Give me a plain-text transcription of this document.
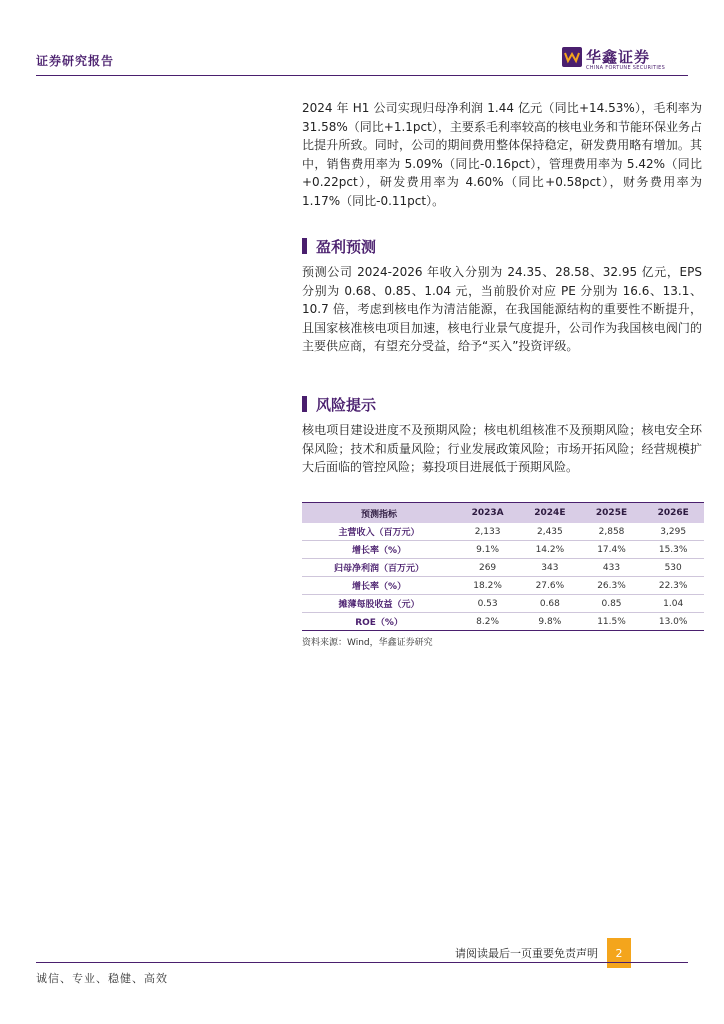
证券研究报告	华鑫证券
CHINA FORTUNE SECURITIES

2024 年 H1 公司实现归母净利润 1.44 亿元（同比+14.53%），毛利率为 31.58%（同比+1.1pct），主要系毛利率较高的核电业务和节能环保业务占比提升所致。同时，公司的期间费用整体保持稳定，研发费用略有增加。其中，销售费用率为 5.09%（同比-0.16pct），管理费用率为 5.42%（同比+0.22pct），研发费用率为 4.60%（同比+0.58pct），财务费用率为 1.17%（同比-0.11pct）。

盈利预测

预测公司 2024-2026 年收入分别为 24.35、28.58、32.95 亿元，EPS 分别为 0.68、0.85、1.04 元，当前股价对应 PE 分别为 16.6、13.1、10.7 倍，考虑到核电作为清洁能源，在我国能源结构的重要性不断提升，且国家核准核电项目加速，核电行业景气度提升，公司作为我国核电阀门的主要供应商，有望充分受益，给予“买入”投资评级。

风险提示

核电项目建设进度不及预期风险；核电机组核准不及预期风险；核电安全环保风险；技术和质量风险；行业发展政策风险；市场开拓风险；经营规模扩大后面临的管控风险；募投项目进展低于预期风险。

预测指标	2023A	2024E	2025E	2026E
主营收入（百万元）	2,133	2,435	2,858	3,295
增长率（%）	9.1%	14.2%	17.4%	15.3%
归母净利润（百万元）	269	343	433	530
增长率（%）	18.2%	27.6%	26.3%	22.3%
摊薄每股收益（元）	0.53	0.68	0.85	1.04
ROE（%）	8.2%	9.8%	11.5%	13.0%
资料来源：Wind，华鑫证券研究
请阅读最后一页重要免责声明	2
诚信、专业、稳健、高效
